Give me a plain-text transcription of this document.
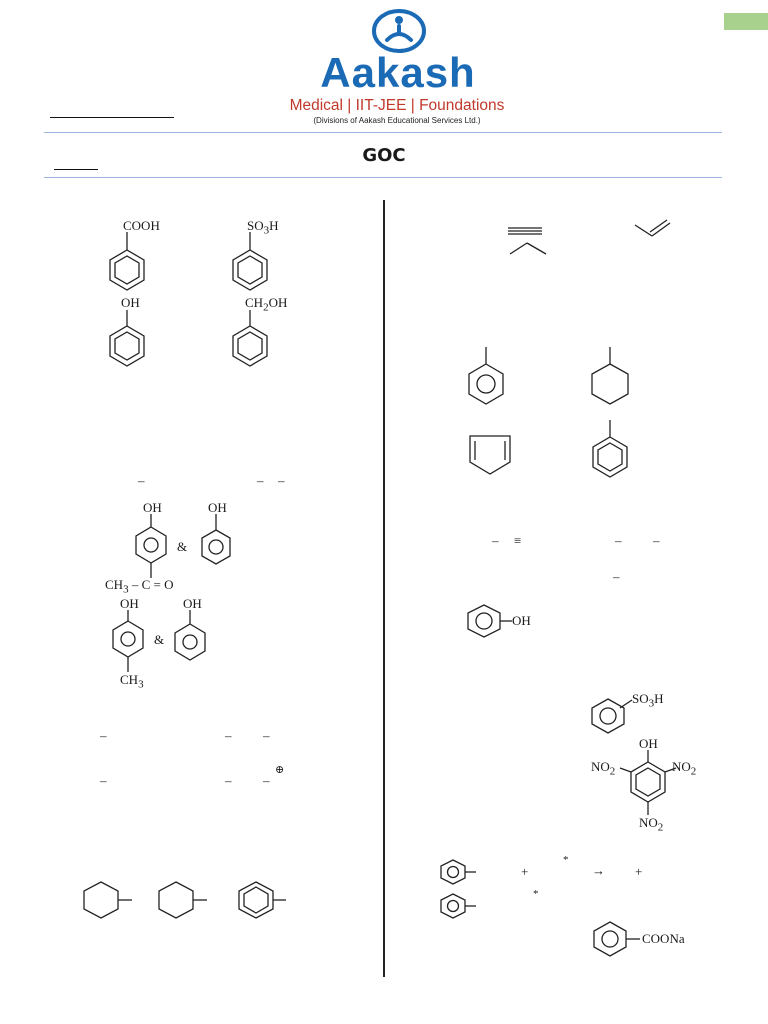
Aakash
Medical | IIT-JEE | Foundations
(Divisions of Aakash Educational Services Ltd.)
GOC
COOH	$SO_3H$
OH	$CH_2OH$
–	– –
OH	OH
&
$CH_3 - C = O$
OH	OH
&
$CH_3$
–	– –
⊕
–	– –
– ≡	– –
–
OH
$SO_3H$
OH
$NO_2$	$NO_2$
$NO_2$
*
+	→ +
*
COONa
